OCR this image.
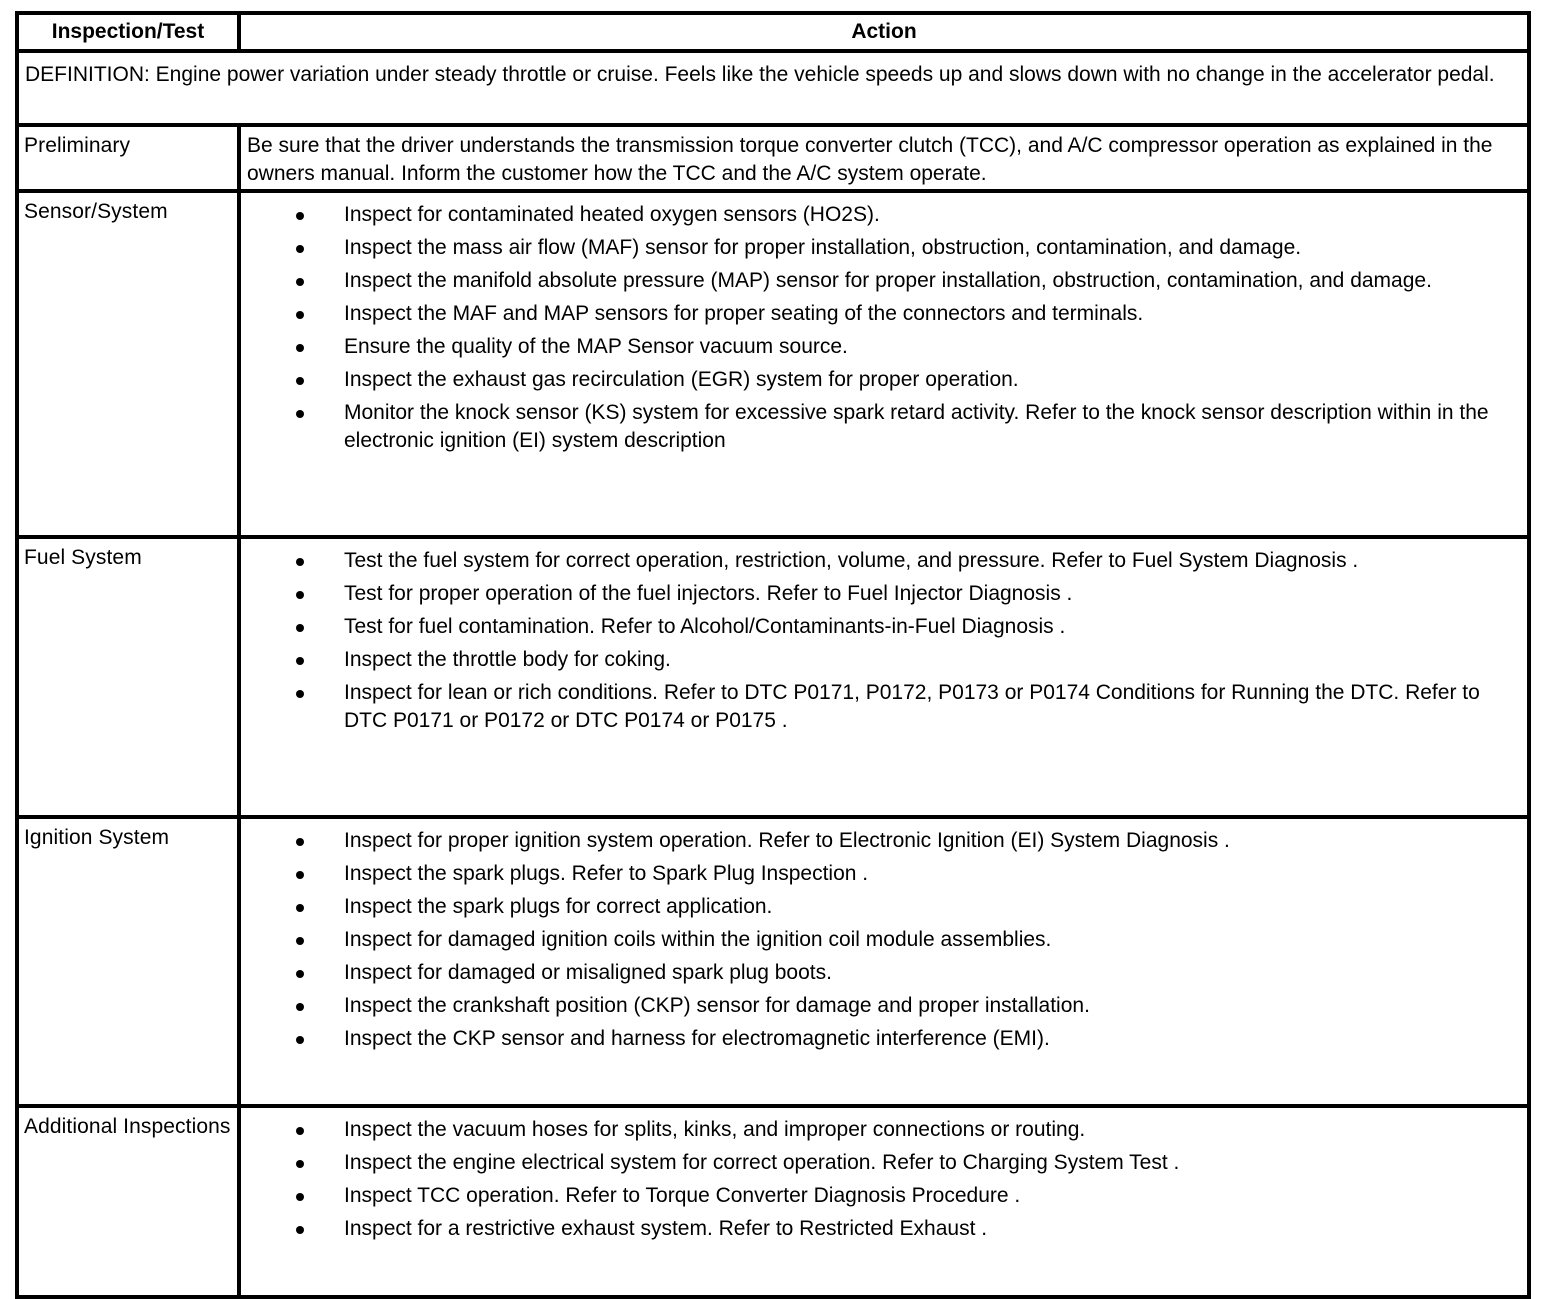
Inspection/Test	Action
DEFINITION: Engine power variation under steady throttle or cruise. Feels like the vehicle speeds up and slows down with no change in the accelerator pedal.	
Preliminary	Be sure that the driver understands the transmission torque converter clutch (TCC), and A/C compressor operation as explained in the owners manual. Inform the customer how the TCC and the A/C system operate.
Sensor/System	Inspect for contaminated heated oxygen sensors (HO2S).
Inspect the mass air flow (MAF) sensor for proper installation, obstruction, contamination, and damage.
Inspect the manifold absolute pressure (MAP) sensor for proper installation, obstruction, contamination, and damage.
Inspect the MAF and MAP sensors for proper seating of the connectors and terminals.
Ensure the quality of the MAP Sensor vacuum source.
Inspect the exhaust gas recirculation (EGR) system for proper operation.
Monitor the knock sensor (KS) system for excessive spark retard activity. Refer to the knock sensor description within in the electronic ignition (EI) system description

Fuel System	Test the fuel system for correct operation, restriction, volume, and pressure. Refer to Fuel System Diagnosis .
Test for proper operation of the fuel injectors. Refer to Fuel Injector Diagnosis .
Test for fuel contamination. Refer to Alcohol/Contaminants-in-Fuel Diagnosis .
Inspect the throttle body for coking.
Inspect for lean or rich conditions. Refer to DTC P0171, P0172, P0173 or P0174 Conditions for Running the DTC. Refer to DTC P0171 or P0172 or DTC P0174 or P0175 .

Ignition System	Inspect for proper ignition system operation. Refer to Electronic Ignition (EI) System Diagnosis .
Inspect the spark plugs. Refer to Spark Plug Inspection .
Inspect the spark plugs for correct application.
Inspect for damaged ignition coils within the ignition coil module assemblies.
Inspect for damaged or misaligned spark plug boots.
Inspect the crankshaft position (CKP) sensor for damage and proper installation.
Inspect the CKP sensor and harness for electromagnetic interference (EMI).

Additional Inspections	Inspect the vacuum hoses for splits, kinks, and improper connections or routing.
Inspect the engine electrical system for correct operation. Refer to Charging System Test .
Inspect TCC operation. Refer to Torque Converter Diagnosis Procedure .
Inspect for a restrictive exhaust system. Refer to Restricted Exhaust .
